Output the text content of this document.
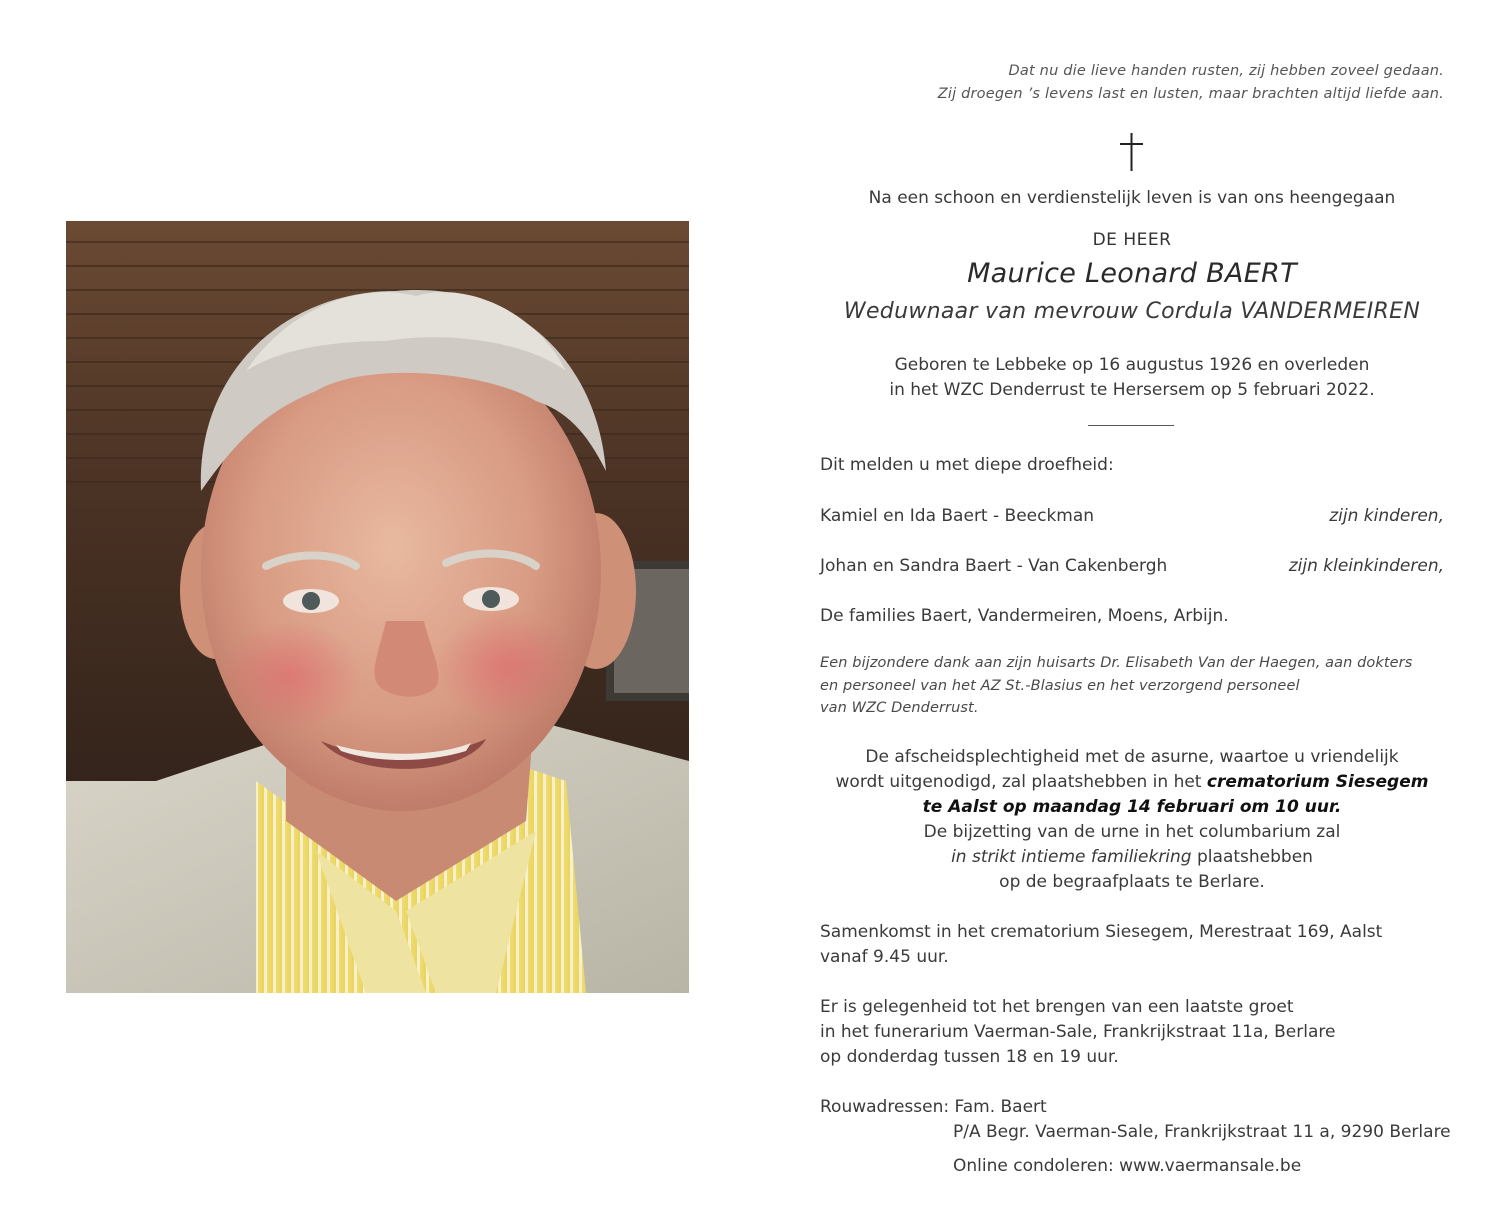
Dat nu die lieve handen rusten, zij hebben zoveel gedaan.
Zij droegen ’s levens last en lusten, maar brachten altijd liefde aan.
Na een schoon en verdienstelijk leven is van ons heengegaan
DE HEER
Maurice Leonard BAERT
Weduwnaar van mevrouw Cordula VANDERMEIREN
Geboren te Lebbeke op 16 augustus 1926 en overleden
in het WZC Denderrust te Hersersem op 5 februari 2022.
Dit melden u met diepe droefheid:
Kamiel en Ida Baert - Beeckman	zijn kinderen,
Johan en Sandra Baert - Van Cakenbergh	zijn kleinkinderen,
De families Baert, Vandermeiren, Moens, Arbijn.
Een bijzondere dank aan zijn huisarts Dr. Elisabeth Van der Haegen, aan dokters
en personeel van het AZ St.-Blasius en het verzorgend personeel
van WZC Denderrust.
De afscheidsplechtigheid met de asurne, waartoe u vriendelijk
wordt uitgenodigd, zal plaatshebben in het crematorium Siesegem
te Aalst op maandag 14 februari om 10 uur.
De bijzetting van de urne in het columbarium zal
in strikt intieme familiekring plaatshebben
op de begraafplaats te Berlare.
Samenkomst in het crematorium Siesegem, Merestraat 169, Aalst
vanaf 9.45 uur.
Er is gelegenheid tot het brengen van een laatste groet
in het funerarium Vaerman-Sale, Frankrijkstraat 11a, Berlare
op donderdag tussen 18 en 19 uur.
Rouwadressen: Fam. Baert
P/A Begr. Vaerman-Sale, Frankrijkstraat 11 a, 9290 Berlare
Online condoleren: www.vaermansale.be
